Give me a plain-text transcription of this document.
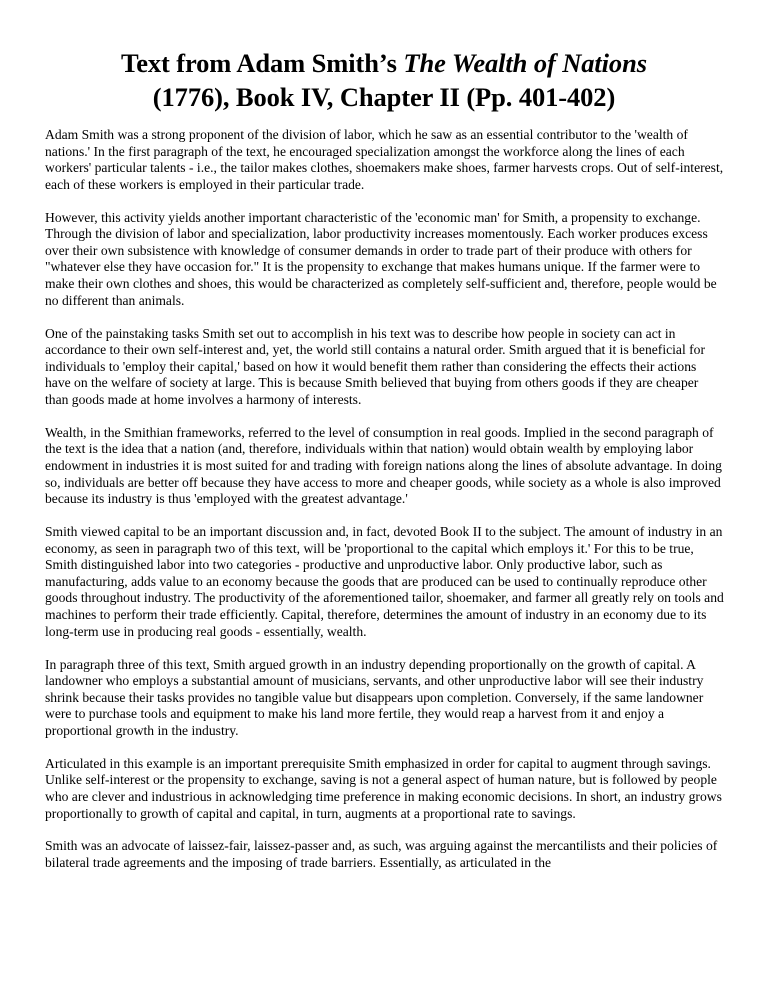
Text from Adam Smith’s The Wealth of Nations
(1776), Book IV, Chapter II (Pp. 401-402)

Adam Smith was a strong proponent of the division of labor, which he saw as an essential contributor to the 'wealth of nations.' In the first paragraph of the text, he encouraged specialization amongst the workforce along the lines of each workers' particular talents - i.e., the tailor makes clothes, shoemakers make shoes, farmer harvests crops. Out of self-interest, each of these workers is employed in their particular trade.

However, this activity yields another important characteristic of the 'economic man' for Smith, a propensity to exchange. Through the division of labor and specialization, labor productivity increases momentously. Each worker produces excess over their own subsistence with knowledge of consumer demands in order to trade part of their produce with others for "whatever else they have occasion for." It is the propensity to exchange that makes humans unique. If the farmer were to make their own clothes and shoes, this would be characterized as completely self-sufficient and, therefore, people would be no different than animals.

One of the painstaking tasks Smith set out to accomplish in his text was to describe how people in society can act in accordance to their own self-interest and, yet, the world still contains a natural order. Smith argued that it is beneficial for individuals to 'employ their capital,' based on how it would benefit them rather than considering the effects their actions have on the welfare of society at large. This is because Smith believed that buying from others goods if they are cheaper than goods made at home involves a harmony of interests.

Wealth, in the Smithian frameworks, referred to the level of consumption in real goods. Implied in the second paragraph of the text is the idea that a nation (and, therefore, individuals within that nation) would obtain wealth by employing labor endowment in industries it is most suited for and trading with foreign nations along the lines of absolute advantage. In doing so, individuals are better off because they have access to more and cheaper goods, while society as a whole is also improved because its industry is thus 'employed with the greatest advantage.'

Smith viewed capital to be an important discussion and, in fact, devoted Book II to the subject. The amount of industry in an economy, as seen in paragraph two of this text, will be 'proportional to the capital which employs it.' For this to be true, Smith distinguished labor into two categories - productive and unproductive labor. Only productive labor, such as manufacturing, adds value to an economy because the goods that are produced can be used to continually reproduce other goods throughout industry. The productivity of the aforementioned tailor, shoemaker, and farmer all greatly rely on tools and machines to perform their trade efficiently. Capital, therefore, determines the amount of industry in an economy due to its long-term use in producing real goods - essentially, wealth.

In paragraph three of this text, Smith argued growth in an industry depending proportionally on the growth of capital. A landowner who employs a substantial amount of musicians, servants, and other unproductive labor will see their industry shrink because their tasks provides no tangible value but disappears upon completion. Conversely, if the same landowner were to purchase tools and equipment to make his land more fertile, they would reap a harvest from it and enjoy a proportional growth in the industry.

Articulated in this example is an important prerequisite Smith emphasized in order for capital to augment through savings. Unlike self-interest or the propensity to exchange, saving is not a general aspect of human nature, but is followed by people who are clever and industrious in acknowledging time preference in making economic decisions. In short, an industry grows proportionally to growth of capital and capital, in turn, augments at a proportional rate to savings.

Smith was an advocate of laissez-fair, laissez-passer and, as such, was arguing against the mercantilists and their policies of bilateral trade agreements and the imposing of trade barriers. Essentially, as articulated in the
